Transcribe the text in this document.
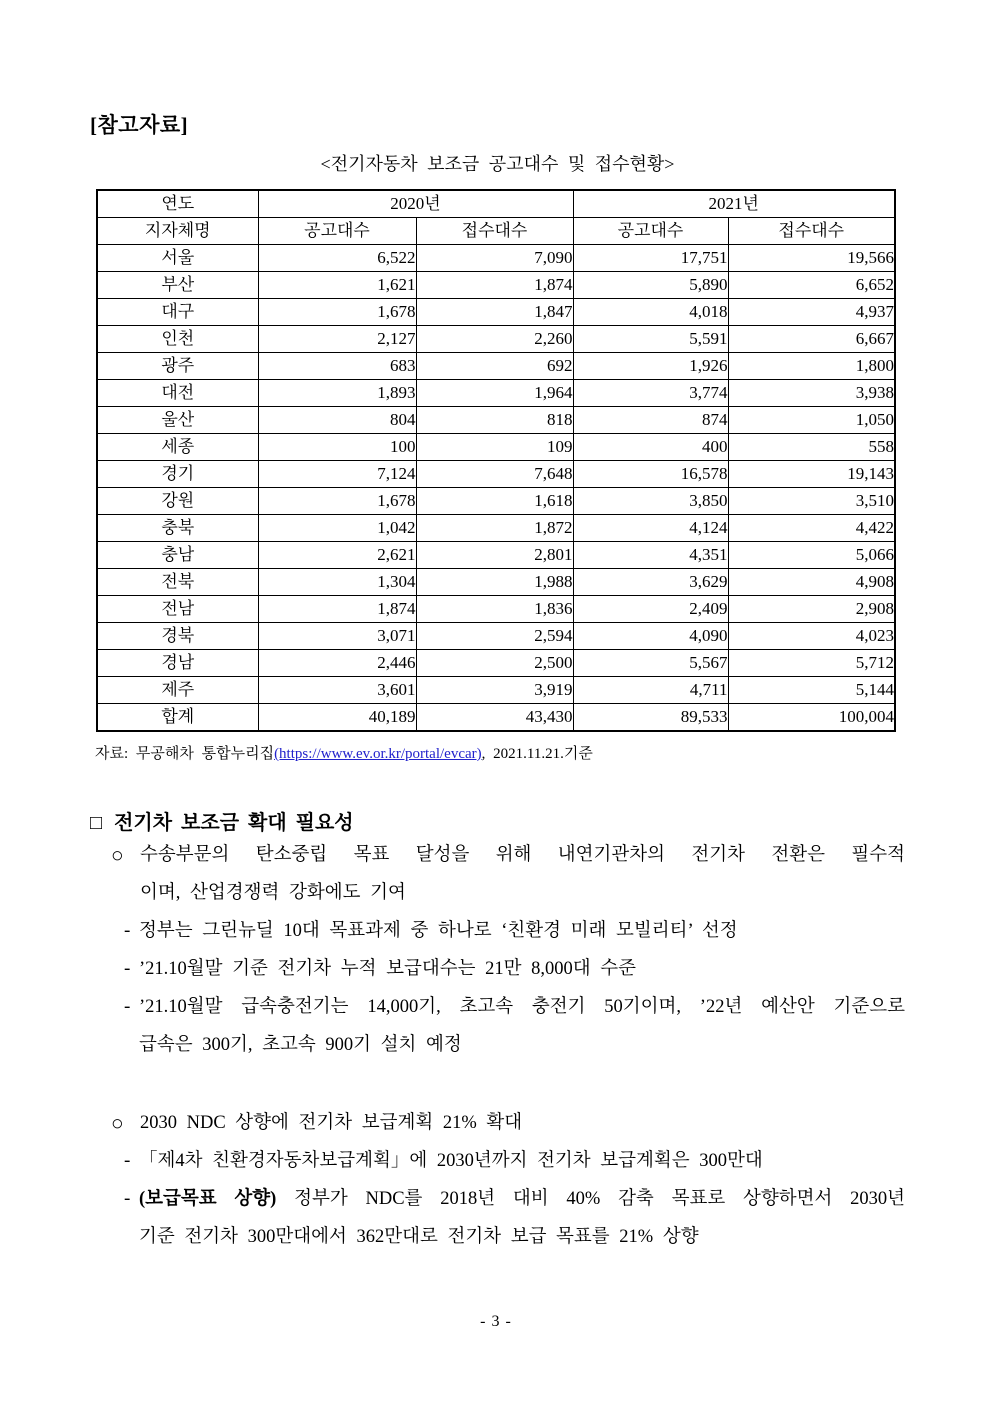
[참고자료]
<전기자동차 보조금 공고대수 및 접수현황>
연도	2020년		2021년	
지자체명	공고대수	접수대수	공고대수	접수대수
서울	6,522	7,090	17,751	19,566
부산	1,621	1,874	5,890	6,652
대구	1,678	1,847	4,018	4,937
인천	2,127	2,260	5,591	6,667
광주	683	692	1,926	1,800
대전	1,893	1,964	3,774	3,938
울산	804	818	874	1,050
세종	100	109	400	558
경기	7,124	7,648	16,578	19,143
강원	1,678	1,618	3,850	3,510
충북	1,042	1,872	4,124	4,422
충남	2,621	2,801	4,351	5,066
전북	1,304	1,988	3,629	4,908
전남	1,874	1,836	2,409	2,908
경북	3,071	2,594	4,090	4,023
경남	2,446	2,500	5,567	5,712
제주	3,601	3,919	4,711	5,144
합계	40,189	43,430	89,533	100,004
자료: 무공해차 통합누리집(https://www.ev.or.kr/portal/evcar), 2021.11.21.기준
□ 전기차 보조금 확대 필요성
○ 수송부문의 탄소중립 목표 달성을 위해 내연기관차의 전기차 전환은 필수적
이며, 산업경쟁력 강화에도 기여
- 정부는 그린뉴딜 10대 목표과제 중 하나로 ‘친환경 미래 모빌리티’ 선정
- ’21.10월말 기준 전기차 누적 보급대수는 21만 8,000대 수준
- ’21.10월말 급속충전기는 14,000기, 초고속 충전기 50기이며, ’22년 예산안 기준으로
급속은 300기, 초고속 900기 설치 예정
○ 2030 NDC 상향에 전기차 보급계획 21% 확대
- 「제4차 친환경자동차보급계획」에 2030년까지 전기차 보급계획은 300만대
- (보급목표 상향) 정부가 NDC를 2018년 대비 40% 감축 목표로 상향하면서 2030년
기준 전기차 300만대에서 362만대로 전기차 보급 목표를 21% 상향
- 3 -
